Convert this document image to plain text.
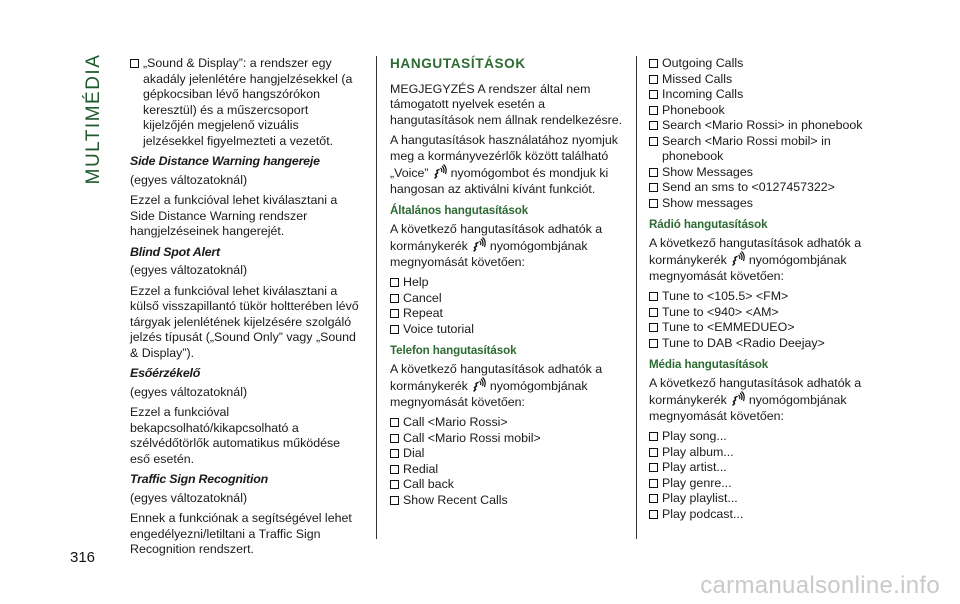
MULTIMÉDIA	„Sound & Display”: a rendszer egy akadály jelenlétére hangjelzésekkel (a gépkocsiban lévő hangszórókon keresztül) és a műszercsoport kijelzőjén megjelenő vizuális jelzésekkel figyelmezteti a vezetőt.

Side Distance Warning hangereje

(egyes változatoknál)

Ezzel a funkcióval lehet kiválasztani a Side Distance Warning rendszer hangjelzéseinek hangerejét.

Blind Spot Alert

(egyes változatoknál)

Ezzel a funkcióval lehet kiválasztani a külső visszapillantó tükör holtterében lévő tárgyak jelenlétének kijelzésére szolgáló jelzés típusát („Sound Only” vagy „Sound & Display”).

Esőérzékelő

(egyes változatoknál)

Ezzel a funkcióval bekapcsolható/kikapcsolható a szélvédőtörlők automatikus működése eső esetén.

Traffic Sign Recognition

(egyes változatoknál)

Ennek a funkciónak a segítségével lehet engedélyezni/letiltani a Traffic Sign Recognition rendszert.

HANGUTASÍTÁSOK

MEGJEGYZÉS A rendszer által nem támogatott nyelvek esetén a hangutasítások nem állnak rendelkezésre.

A hangutasítások használatához nyomjuk meg a kormányvezérlők között található „Voice” nyomógombot és mondjuk ki hangosan az aktiválni kívánt funkciót.

Általános hangutasítások

A következő hangutasítások adhatók a kormánykerék nyomógombjának megnyomását követően:

Help
Cancel
Repeat
Voice tutorial
Telefon hangutasítások

A következő hangutasítások adhatók a kormánykerék nyomógombjának megnyomását követően:

Call <Mario Rossi>
Call <Mario Rossi mobil>
Dial
Redial
Call back
Show Recent Calls
Outgoing Calls
Missed Calls
Incoming Calls
Phonebook
Search <Mario Rossi> in phonebook
Search <Mario Rossi mobil> in phonebook
Show Messages
Send an sms to <0127457322>
Show messages
Rádió hangutasítások

A következő hangutasítások adhatók a kormánykerék nyomógombjának megnyomását követően:

Tune to <105.5> <FM>
Tune to <940> <AM>
Tune to <EMMEDUEO>
Tune to DAB <Radio Deejay>
Média hangutasítások

A következő hangutasítások adhatók a kormánykerék nyomógombjának megnyomását követően:

Play song...
Play album...
Play artist...
Play genre...
Play playlist...
Play podcast...
316
carmanualsonline.info
